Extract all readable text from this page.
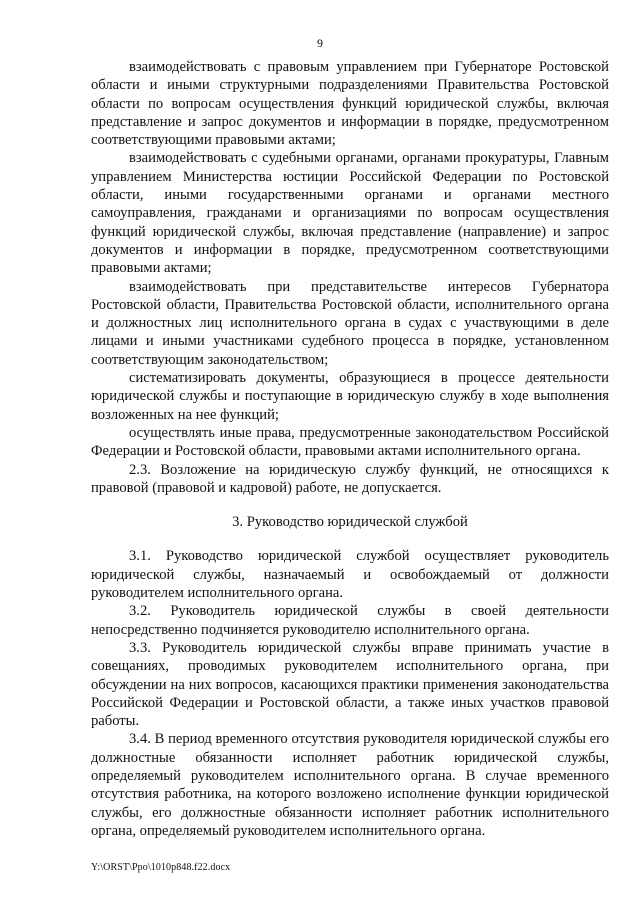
9

взаимодействовать с правовым управлением при Губернаторе Ростовской области и иными структурными подразделениями Правительства Ростовской области по вопросам осуществления функций юридической службы, включая представление и запрос документов и информации в порядке, предусмотренном соответствующими правовыми актами;

взаимодействовать с судебными органами, органами прокуратуры, Главным управлением Министерства юстиции Российской Федерации по Ростовской области, иными государственными органами и органами местного самоуправления, гражданами и организациями по вопросам осуществления функций юридической службы, включая представление (направление) и запрос документов и информации в порядке, предусмотренном соответствующими правовыми актами;

взаимодействовать при представительстве интересов Губернатора Ростовской области, Правительства Ростовской области, исполнительного органа и должностных лиц исполнительного органа в судах с участвующими в деле лицами и иными участниками судебного процесса в порядке, установленном соответствующим законодательством;

систематизировать документы, образующиеся в процессе деятельности юридической службы и поступающие в юридическую службу в ходе выполнения возложенных на нее функций;

осуществлять иные права, предусмотренные законодательством Российской Федерации и Ростовской области, правовыми актами исполнительного органа.

2.3. Возложение на юридическую службу функций, не относящихся к правовой (правовой и кадровой) работе, не допускается.

3. Руководство юридической службой

3.1. Руководство юридической службой осуществляет руководитель юридической службы, назначаемый и освобождаемый от должности руководителем исполнительного органа.

3.2. Руководитель юридической службы в своей деятельности непосредственно подчиняется руководителю исполнительного органа.

3.3. Руководитель юридической службы вправе принимать участие в совещаниях, проводимых руководителем исполнительного органа, при обсуждении на них вопросов, касающихся практики применения законодательства Российской Федерации и Ростовской области, а также иных участков правовой работы.

3.4. В период временного отсутствия руководителя юридической службы его должностные обязанности исполняет работник юридической службы, определяемый руководителем исполнительного органа. В случае временного отсутствия работника, на которого возложено исполнение функции юридической службы, его должностные обязанности исполняет работник исполнительного органа, определяемый руководителем исполнительного органа.

Y:\ORST\Ppo\1010p848.f22.docx
